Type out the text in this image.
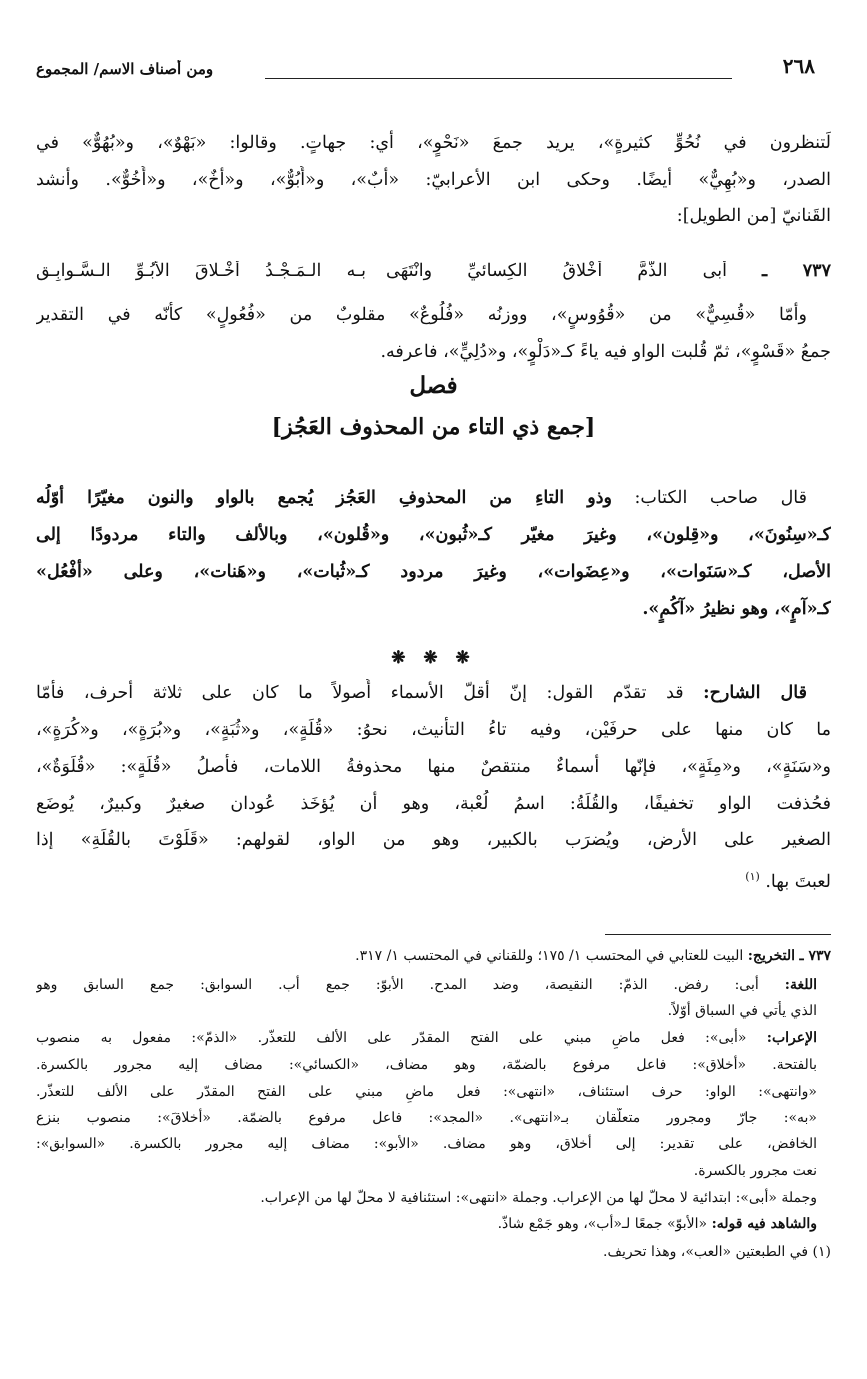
٢٦٨
ومن أصناف الاسم/ المجموع
لَتنظرون في نُحُوٍّ كثيرةٍ»، يريد جمعَ «نَحْوٍ»، أي: جهاتٍ. وقالوا: «بَهْوٌ»، و«بُهُوٌّ» في
الصدر، و«بُهِيٌّ» أيضًا. وحكى ابن الأعرابيّ: «أبٌ»، و«أُبُوٌّ»، و«أخٌ»، و«أُخُوٌّ». وأنشد
القَنانيّ [من الطويل]:
٧٣٧ ـ أَبى الذَّمَّ أَخْلاقُ الكِسائيِّ وانْتَهَى
بـه الـمَـجْـدُ أَخْـلاقَ الأُبُـوِّ الـسَّـوابِـقِ
وأمّا «قُسِيٌّ» من «قُوُوسٍ»، ووزنُه «فُلُوعٌ» مقلوبٌ من «فُعُولٍ» كأنّه في التقدير
جمعُ «قَسْوٍ»، ثمّ قُلبت الواو فيه ياءً كـ«دَلْوٍ»، و«دُلِيٍّ»، فاعرفه.
فصل
[جمع ذي التاء من المحذوف العَجُز]
قال صاحب الكتاب: وذو التاءِ من المحذوفِ العَجُز يُجمع بالواو والنون مغيّرًا أوّلُه
كـ«سِنُونَ»، و«قِلون»، وغيرَ مغيّر كـ«ثُبون»، و«قُلون»، وبالألف والتاء مردودًا إلى
الأصل، كـ«سَنَوات»، و«عِضَوات»، وغيرَ مردود كـ«ثُبات»، و«هَنات»، وعلى «أفْعُل»
كـ«آمٍ»، وهو نظيرُ «آكُمٍ».
❋ ❋ ❋
قال الشارح: قد تقدّم القول: إنّ أقلّ الأسماء أُصولاً ما كان على ثلاثة أحرف، فأمّا
ما كان منها على حرفَيْن، وفيه تاءُ التأنيث، نحوُ: «قُلَةٍ»، و«ثُبَةٍ»، و«بُرَةٍ»، و«كُرَةٍ»،
و«سَنَةٍ»، و«مِئَةٍ»، فإنّها أسماءٌ منتقصٌ منها محذوفةُ اللامات، فأصلُ «قُلَةٍ»: «قُلَوَةٌ»،
فحُذفت الواو تخفيفًا، والقُلَةُ: اسمُ لُعْبة، وهو أن يُؤخَذ عُودان صغيرٌ وكبيرٌ، يُوضَع
الصغير على الأرض، ويُضرَب بالكبير، وهو من الواو، لقولهم: «قَلَوْتَ بالقُلَةِ» إذا
لعبتَ بها. $^{(١)}$
٧٣٧ ـ التخريج: البيت للعتابي في المحتسب ١/ ١٧٥؛ وللقناني في المحتسب ١/ ٣١٧.
اللغة: أبى: رفض. الذمّ: النقيصة، وضد المدح. الأبوّ: جمع أب. السوابق: جمع السابق وهو
الذي يأتي في السباق أوّلاً.
الإعراب: «أبى»: فعل ماضٍ مبني على الفتح المقدّر على الألف للتعذّر. «الذمّ»: مفعول به منصوب
بالفتحة. «أخلاق»: فاعل مرفوع بالضمّة، وهو مضاف، «الكسائي»: مضاف إليه مجرور بالكسرة.
«وانتهى»: الواو: حرف استئناف، «انتهى»: فعل ماضٍ مبني على الفتح المقدّر على الألف للتعذّر.
«به»: جارّ ومجرور متعلّقان بـ«انتهى». «المجد»: فاعل مرفوع بالضمّة. «أخلاقَ»: منصوب بنزع
الخافض، على تقدير: إلى أخلاق، وهو مضاف. «الأبو»: مضاف إليه مجرور بالكسرة. «السوابق»:
نعت مجرور بالكسرة.
وجملة «أبى»: ابتدائية لا محلّ لها من الإعراب. وجملة «انتهى»: استئنافية لا محلّ لها من الإعراب.
والشاهد فيه قوله: «الأبوّ» جمعًا لـ«أب»، وهو جَمْع شاذّ.
(١) في الطبعتين «العب»، وهذا تحريف.
